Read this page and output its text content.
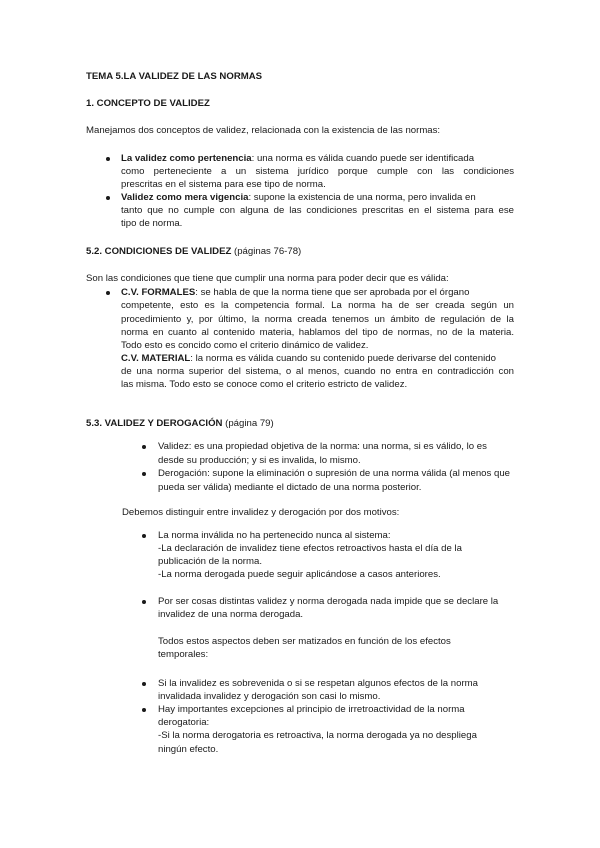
TEMA 5.LA VALIDEZ DE LAS NORMAS
1. CONCEPTO DE VALIDEZ
Manejamos dos conceptos de validez, relacionada con la existencia de las normas:
La validez como pertenencia: una norma es válida cuando puede ser identificada
como perteneciente a un sistema jurídico porque cumple con las condiciones
prescritas en el sistema para ese tipo de norma.
Validez como mera vigencia: supone la existencia de una norma, pero invalida en
tanto que no cumple con alguna de las condiciones prescritas en el sistema para ese
tipo de norma.
5.2. CONDICIONES DE VALIDEZ (páginas 76-78)
Son las condiciones que tiene que cumplir una norma para poder decir que es válida:
C.V. FORMALES: se habla de que la norma tiene que ser aprobada por el órgano
competente, esto es la competencia formal. La norma ha de ser creada según un
procedimiento y, por último, la norma creada tenemos un ámbito de regulación de la
norma en cuanto al contenido materia, hablamos del tipo de normas, no de la materia.
Todo esto es concido como el criterio dinámico de validez.
C.V. MATERIAL: la norma es válida cuando su contenido puede derivarse del contenido
de una norma superior del sistema, o al menos, cuando no entra en contradicción con
las misma. Todo esto se conoce como el criterio estricto de validez.
5.3. VALIDEZ Y DEROGACIÓN (página 79)
Validez: es una propiedad objetiva de la norma: una norma, si es válido, lo es
desde su producción; y si es invalida, lo mismo.
Derogación: supone la eliminación o supresión de una norma válida (al menos que
pueda ser válida) mediante el dictado de una norma posterior.
Debemos distinguir entre invalidez y derogación por dos motivos:
La norma inválida no ha pertenecido nunca al sistema:
-La declaración de invalidez tiene efectos retroactivos hasta el día de la
publicación de la norma.
-La norma derogada puede seguir aplicándose a casos anteriores.
Por ser cosas distintas validez y norma derogada nada impide que se declare la
invalidez de una norma derogada.
Todos estos aspectos deben ser matizados en función de los efectos
temporales:
Si la invalidez es sobrevenida o si se respetan algunos efectos de la norma
invalidada invalidez y derogación son casi lo mismo.
Hay importantes excepciones al principio de irretroactividad de la norma
derogatoria:
-Si la norma derogatoria es retroactiva, la norma derogada ya no despliega
ningún efecto.
